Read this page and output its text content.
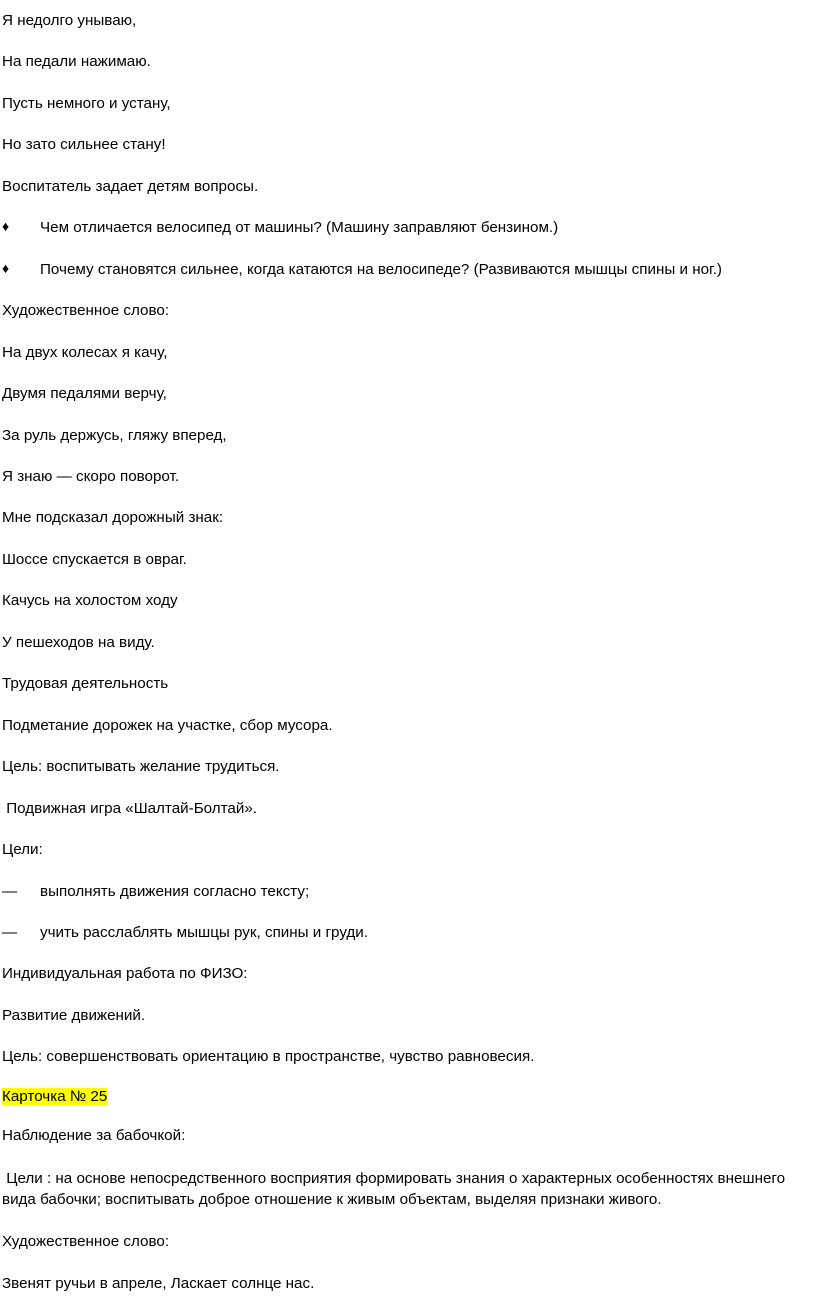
Я недолго унываю,
На педали нажимаю.
Пусть немного и устану,
Но зато сильнее стану!
Воспитатель задает детям вопросы.
♦	Чем отличается велосипед от машины? (Машину заправляют бензином.)
♦	Почему становятся сильнее, когда катаются на велосипеде? (Развиваются мышцы спины и ног.)
Художественное слово:
На двух колесах я качу,
Двумя педалями верчу,
За руль держусь, гляжу вперед,
Я знаю — скоро поворот.
Мне подсказал дорожный знак:
Шоссе спускается в овраг.
Качусь на холостом ходу
У пешеходов на виду.
Трудовая деятельность
Подметание дорожек на участке, сбор мусора.
Цель: воспитывать желание трудиться.
Подвижная игра «Шалтай-Болтай».
Цели:
—	выполнять движения согласно тексту;
—	учить расслаблять мышцы рук, спины и груди.
Индивидуальная работа по ФИЗО:
Развитие движений.
Цель: совершенствовать ориентацию в пространстве, чувство равновесия.
Карточка № 25
Наблюдение за бабочкой:
Цели : на основе непосредственного восприятия формировать знания о характерных особенностях внешнего вида бабочки; воспитывать доброе отношение к живым объектам, выделяя признаки живого.
Художественное слово:
Звенят ручьи в апреле, Ласкает солнце нас.
